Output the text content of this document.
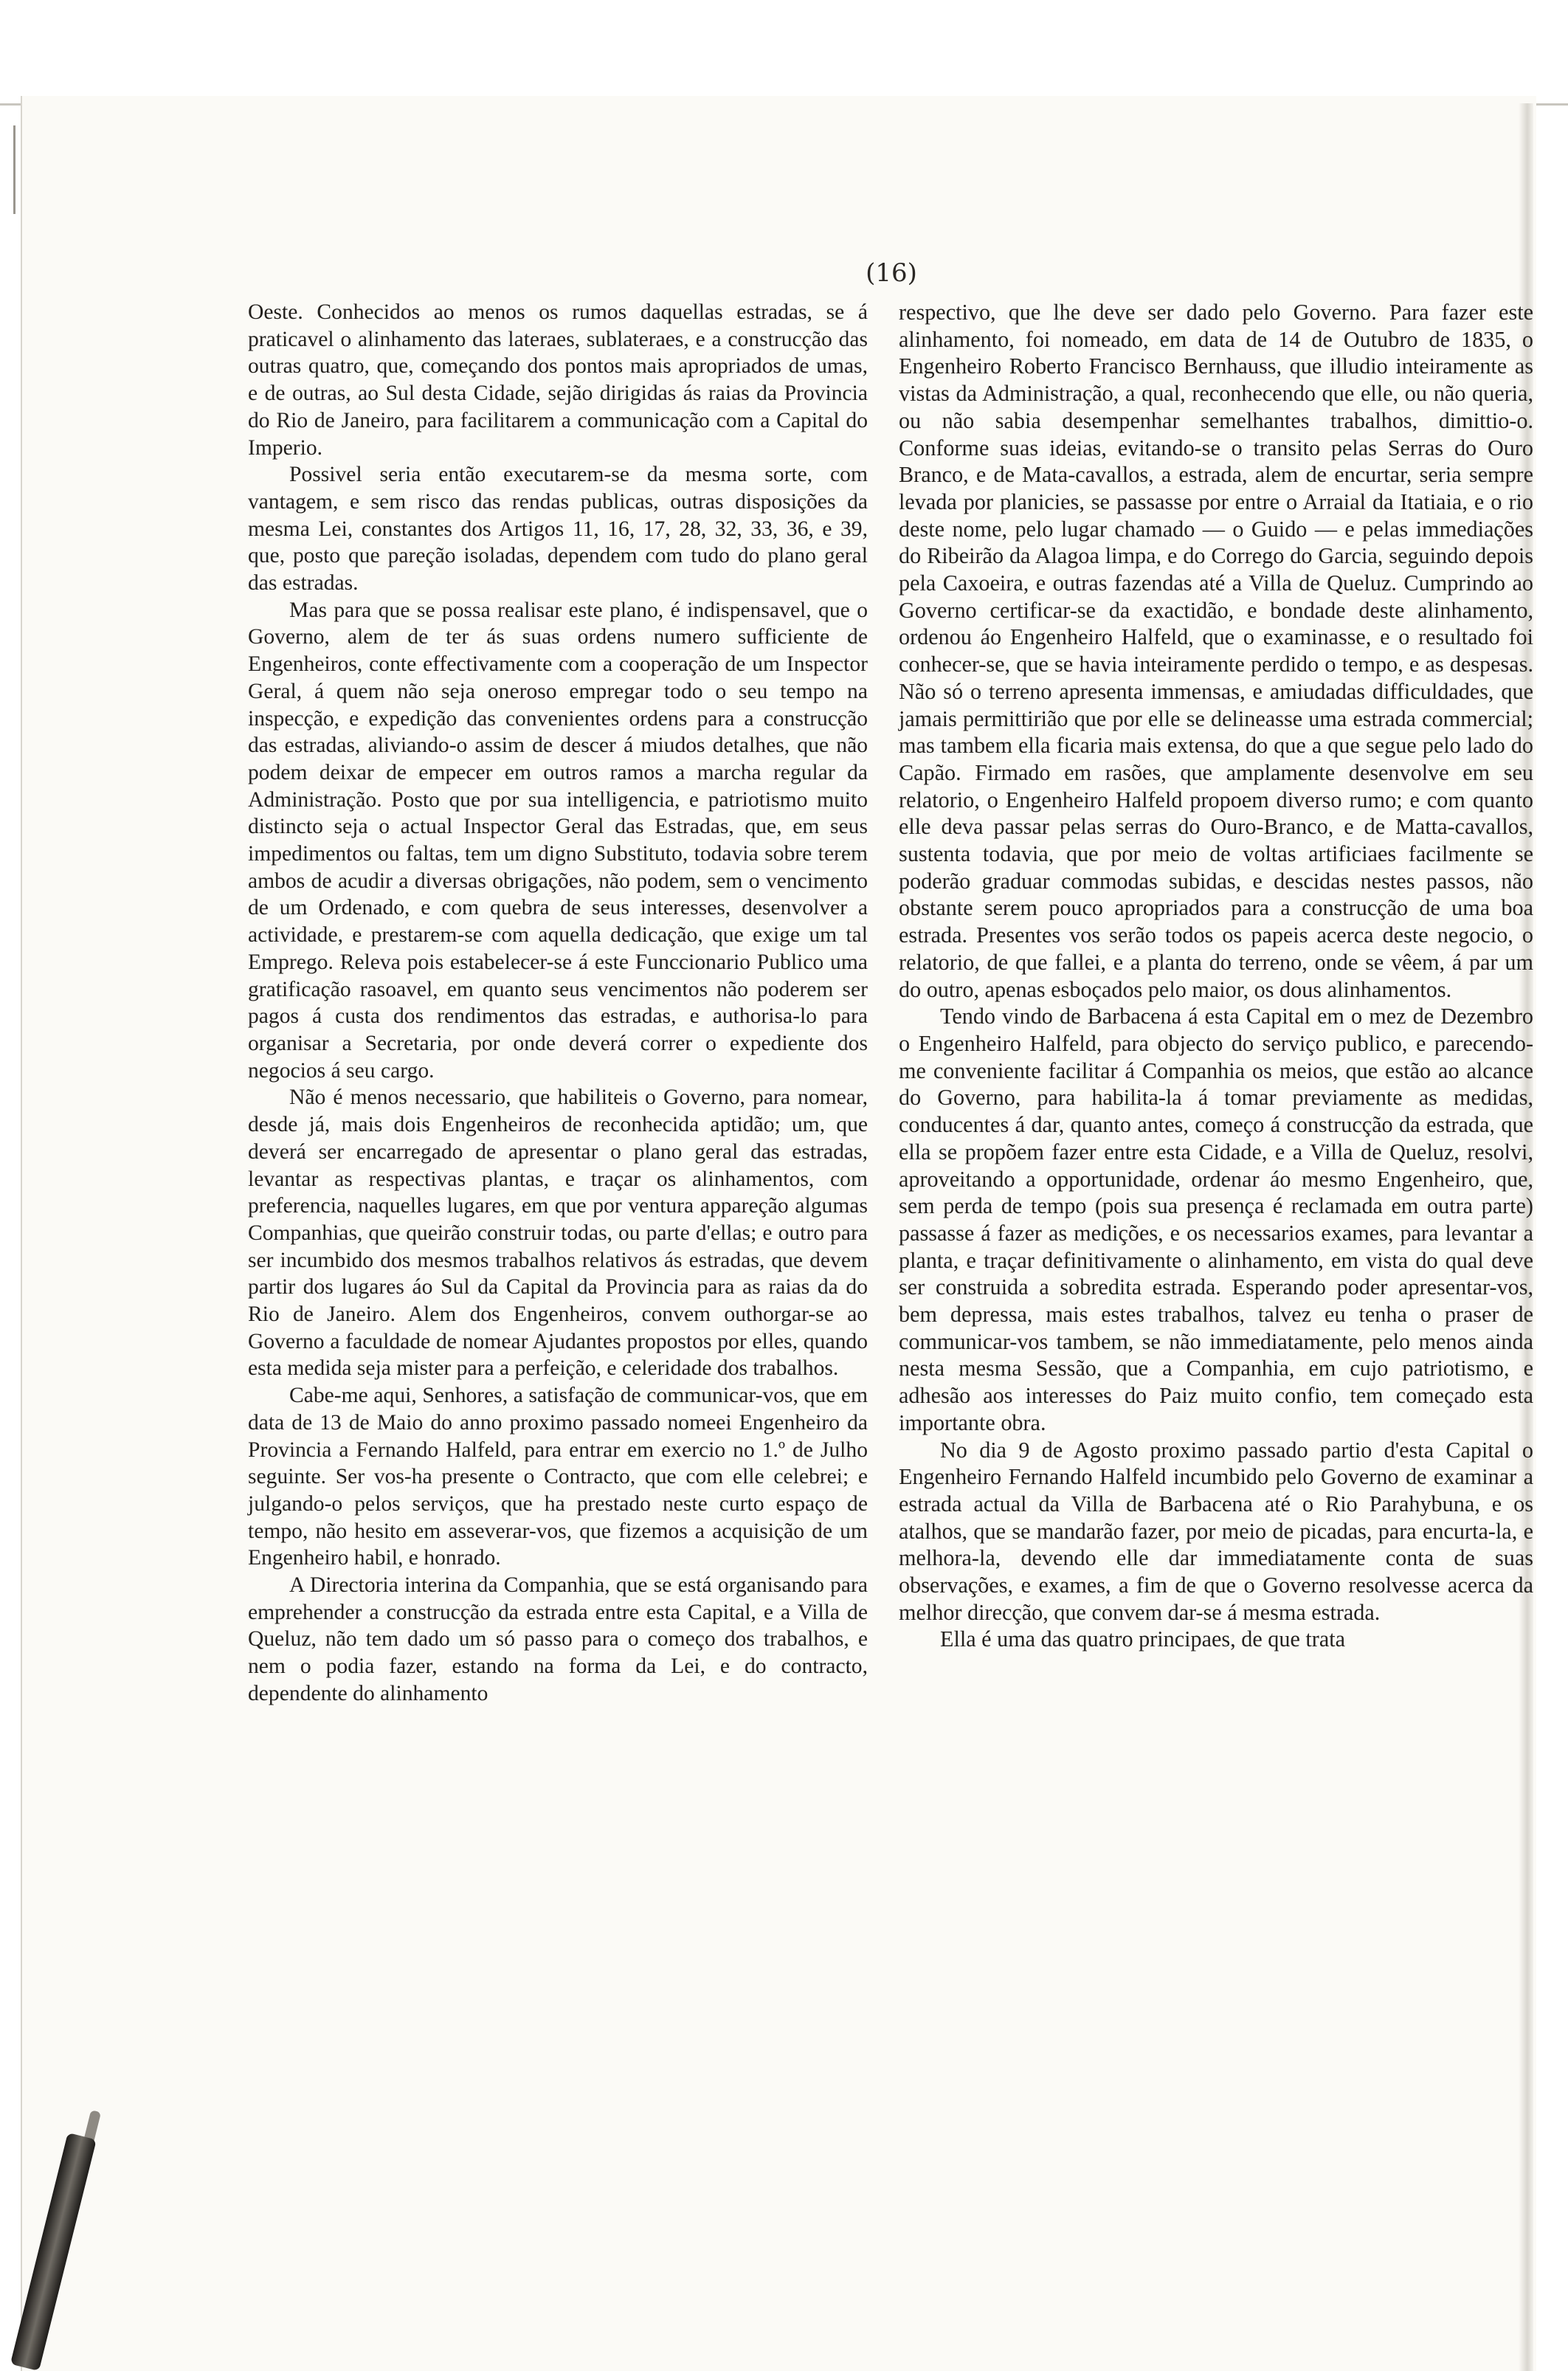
(16)

Oeste. Conhecidos ao menos os rumos daquellas estradas, se á praticavel o alinhamento das lateraes, sublateraes, e a construcção das outras quatro, que, começando dos pontos mais apropriados de umas, e de outras, ao Sul desta Cidade, sejão dirigidas ás raias da Provincia do Rio de Janeiro, para facilitarem a communicação com a Capital do Imperio.

Possivel seria então executarem-se da mesma sorte, com vantagem, e sem risco das rendas publicas, outras disposições da mesma Lei, constantes dos Artigos 11, 16, 17, 28, 32, 33, 36, e 39, que, posto que pareção isoladas, dependem com tudo do plano geral das estradas.

Mas para que se possa realisar este plano, é indispensavel, que o Governo, alem de ter ás suas ordens numero sufficiente de Engenheiros, conte effectivamente com a cooperação de um Inspector Geral, á quem não seja oneroso empregar todo o seu tempo na inspecção, e expedição das convenientes ordens para a construcção das estradas, aliviando-o assim de descer á miudos detalhes, que não podem deixar de empecer em outros ramos a marcha regular da Administração. Posto que por sua intelligencia, e patriotismo muito distincto seja o actual Inspector Geral das Estradas, que, em seus impedimentos ou faltas, tem um digno Substituto, todavia sobre terem ambos de acudir a diversas obrigações, não podem, sem o vencimento de um Ordenado, e com quebra de seus interesses, desenvolver a actividade, e prestarem-se com aquella dedicação, que exige um tal Emprego. Releva pois estabelecer-se á este Funccionario Publico uma gratificação rasoavel, em quanto seus vencimentos não poderem ser pagos á custa dos rendimentos das estradas, e authorisa-lo para organisar a Secretaria, por onde deverá correr o expediente dos negocios á seu cargo.

Não é menos necessario, que habiliteis o Governo, para nomear, desde já, mais dois Engenheiros de reconhecida aptidão; um, que deverá ser encarregado de apresentar o plano geral das estradas, levantar as respectivas plantas, e traçar os alinhamentos, com preferencia, naquelles lugares, em que por ventura appareção algumas Companhias, que queirão construir todas, ou parte d'ellas; e outro para ser incumbido dos mesmos trabalhos relativos ás estradas, que devem partir dos lugares áo Sul da Capital da Provincia para as raias da do Rio de Janeiro. Alem dos Engenheiros, convem outhorgar-se ao Governo a faculdade de nomear Ajudantes propostos por elles, quando esta medida seja mister para a perfeição, e celeridade dos trabalhos.

Cabe-me aqui, Senhores, a satisfação de communicar-vos, que em data de 13 de Maio do anno proximo passado nomeei Engenheiro da Provincia a Fernando Halfeld, para entrar em exercio no 1.º de Julho seguinte. Ser vos-ha presente o Contracto, que com elle celebrei; e julgando-o pelos serviços, que ha prestado neste curto espaço de tempo, não hesito em asseverar-vos, que fizemos a acquisição de um Engenheiro habil, e honrado.

A Directoria interina da Companhia, que se está organisando para emprehender a construcção da estrada entre esta Capital, e a Villa de Queluz, não tem dado um só passo para o começo dos trabalhos, e nem o podia fazer, estando na forma da Lei, e do contracto, dependente do alinhamento

respectivo, que lhe deve ser dado pelo Governo. Para fazer este alinhamento, foi nomeado, em data de 14 de Outubro de 1835, o Engenheiro Roberto Francisco Bernhauss, que illudio inteiramente as vistas da Administração, a qual, reconhecendo que elle, ou não queria, ou não sabia desempenhar semelhantes trabalhos, dimittio-o. Conforme suas ideias, evitando-se o transito pelas Serras do Ouro Branco, e de Mata-cavallos, a estrada, alem de encurtar, seria sempre levada por planicies, se passasse por entre o Arraial da Itatiaia, e o rio deste nome, pelo lugar chamado — o Guido — e pelas immediações do Ribeirão da Alagoa limpa, e do Corrego do Garcia, seguindo depois pela Caxoeira, e outras fazendas até a Villa de Queluz. Cumprindo ao Governo certificar-se da exactidão, e bondade deste alinhamento, ordenou áo Engenheiro Halfeld, que o examinasse, e o resultado foi conhecer-se, que se havia inteiramente perdido o tempo, e as despesas. Não só o terreno apresenta immensas, e amiudadas difficuldades, que jamais permittirião que por elle se delineasse uma estrada commercial; mas tambem ella ficaria mais extensa, do que a que segue pelo lado do Capão. Firmado em rasões, que amplamente desenvolve em seu relatorio, o Engenheiro Halfeld propoem diverso rumo; e com quanto elle deva passar pelas serras do Ouro-Branco, e de Matta-cavallos, sustenta todavia, que por meio de voltas artificiaes facilmente se poderão graduar commodas subidas, e descidas nestes passos, não obstante serem pouco apropriados para a construcção de uma boa estrada. Presentes vos serão todos os papeis acerca deste negocio, o relatorio, de que fallei, e a planta do terreno, onde se vêem, á par um do outro, apenas esboçados pelo maior, os dous alinhamentos.

Tendo vindo de Barbacena á esta Capital em o mez de Dezembro o Engenheiro Halfeld, para objecto do serviço publico, e parecendo-me conveniente facilitar á Companhia os meios, que estão ao alcance do Governo, para habilita-la á tomar previamente as medidas, conducentes á dar, quanto antes, começo á construcção da estrada, que ella se propõem fazer entre esta Cidade, e a Villa de Queluz, resolvi, aproveitando a opportunidade, ordenar áo mesmo Engenheiro, que, sem perda de tempo (pois sua presença é reclamada em outra parte) passasse á fazer as medições, e os necessarios exames, para levantar a planta, e traçar definitivamente o alinhamento, em vista do qual deve ser construida a sobredita estrada. Esperando poder apresentar-vos, bem depressa, mais estes trabalhos, talvez eu tenha o praser de communicar-vos tambem, se não immediatamente, pelo menos ainda nesta mesma Sessão, que a Companhia, em cujo patriotismo, e adhesão aos interesses do Paiz muito confio, tem começado esta importante obra.

No dia 9 de Agosto proximo passado partio d'esta Capital o Engenheiro Fernando Halfeld incumbido pelo Governo de examinar a estrada actual da Villa de Barbacena até o Rio Parahybuna, e os atalhos, que se mandarão fazer, por meio de picadas, para encurta-la, e melhora-la, devendo elle dar immediatamente conta de suas observações, e exames, a fim de que o Governo resolvesse acerca da melhor direcção, que convem dar-se á mesma estrada.

Ella é uma das quatro principaes, de que trata
